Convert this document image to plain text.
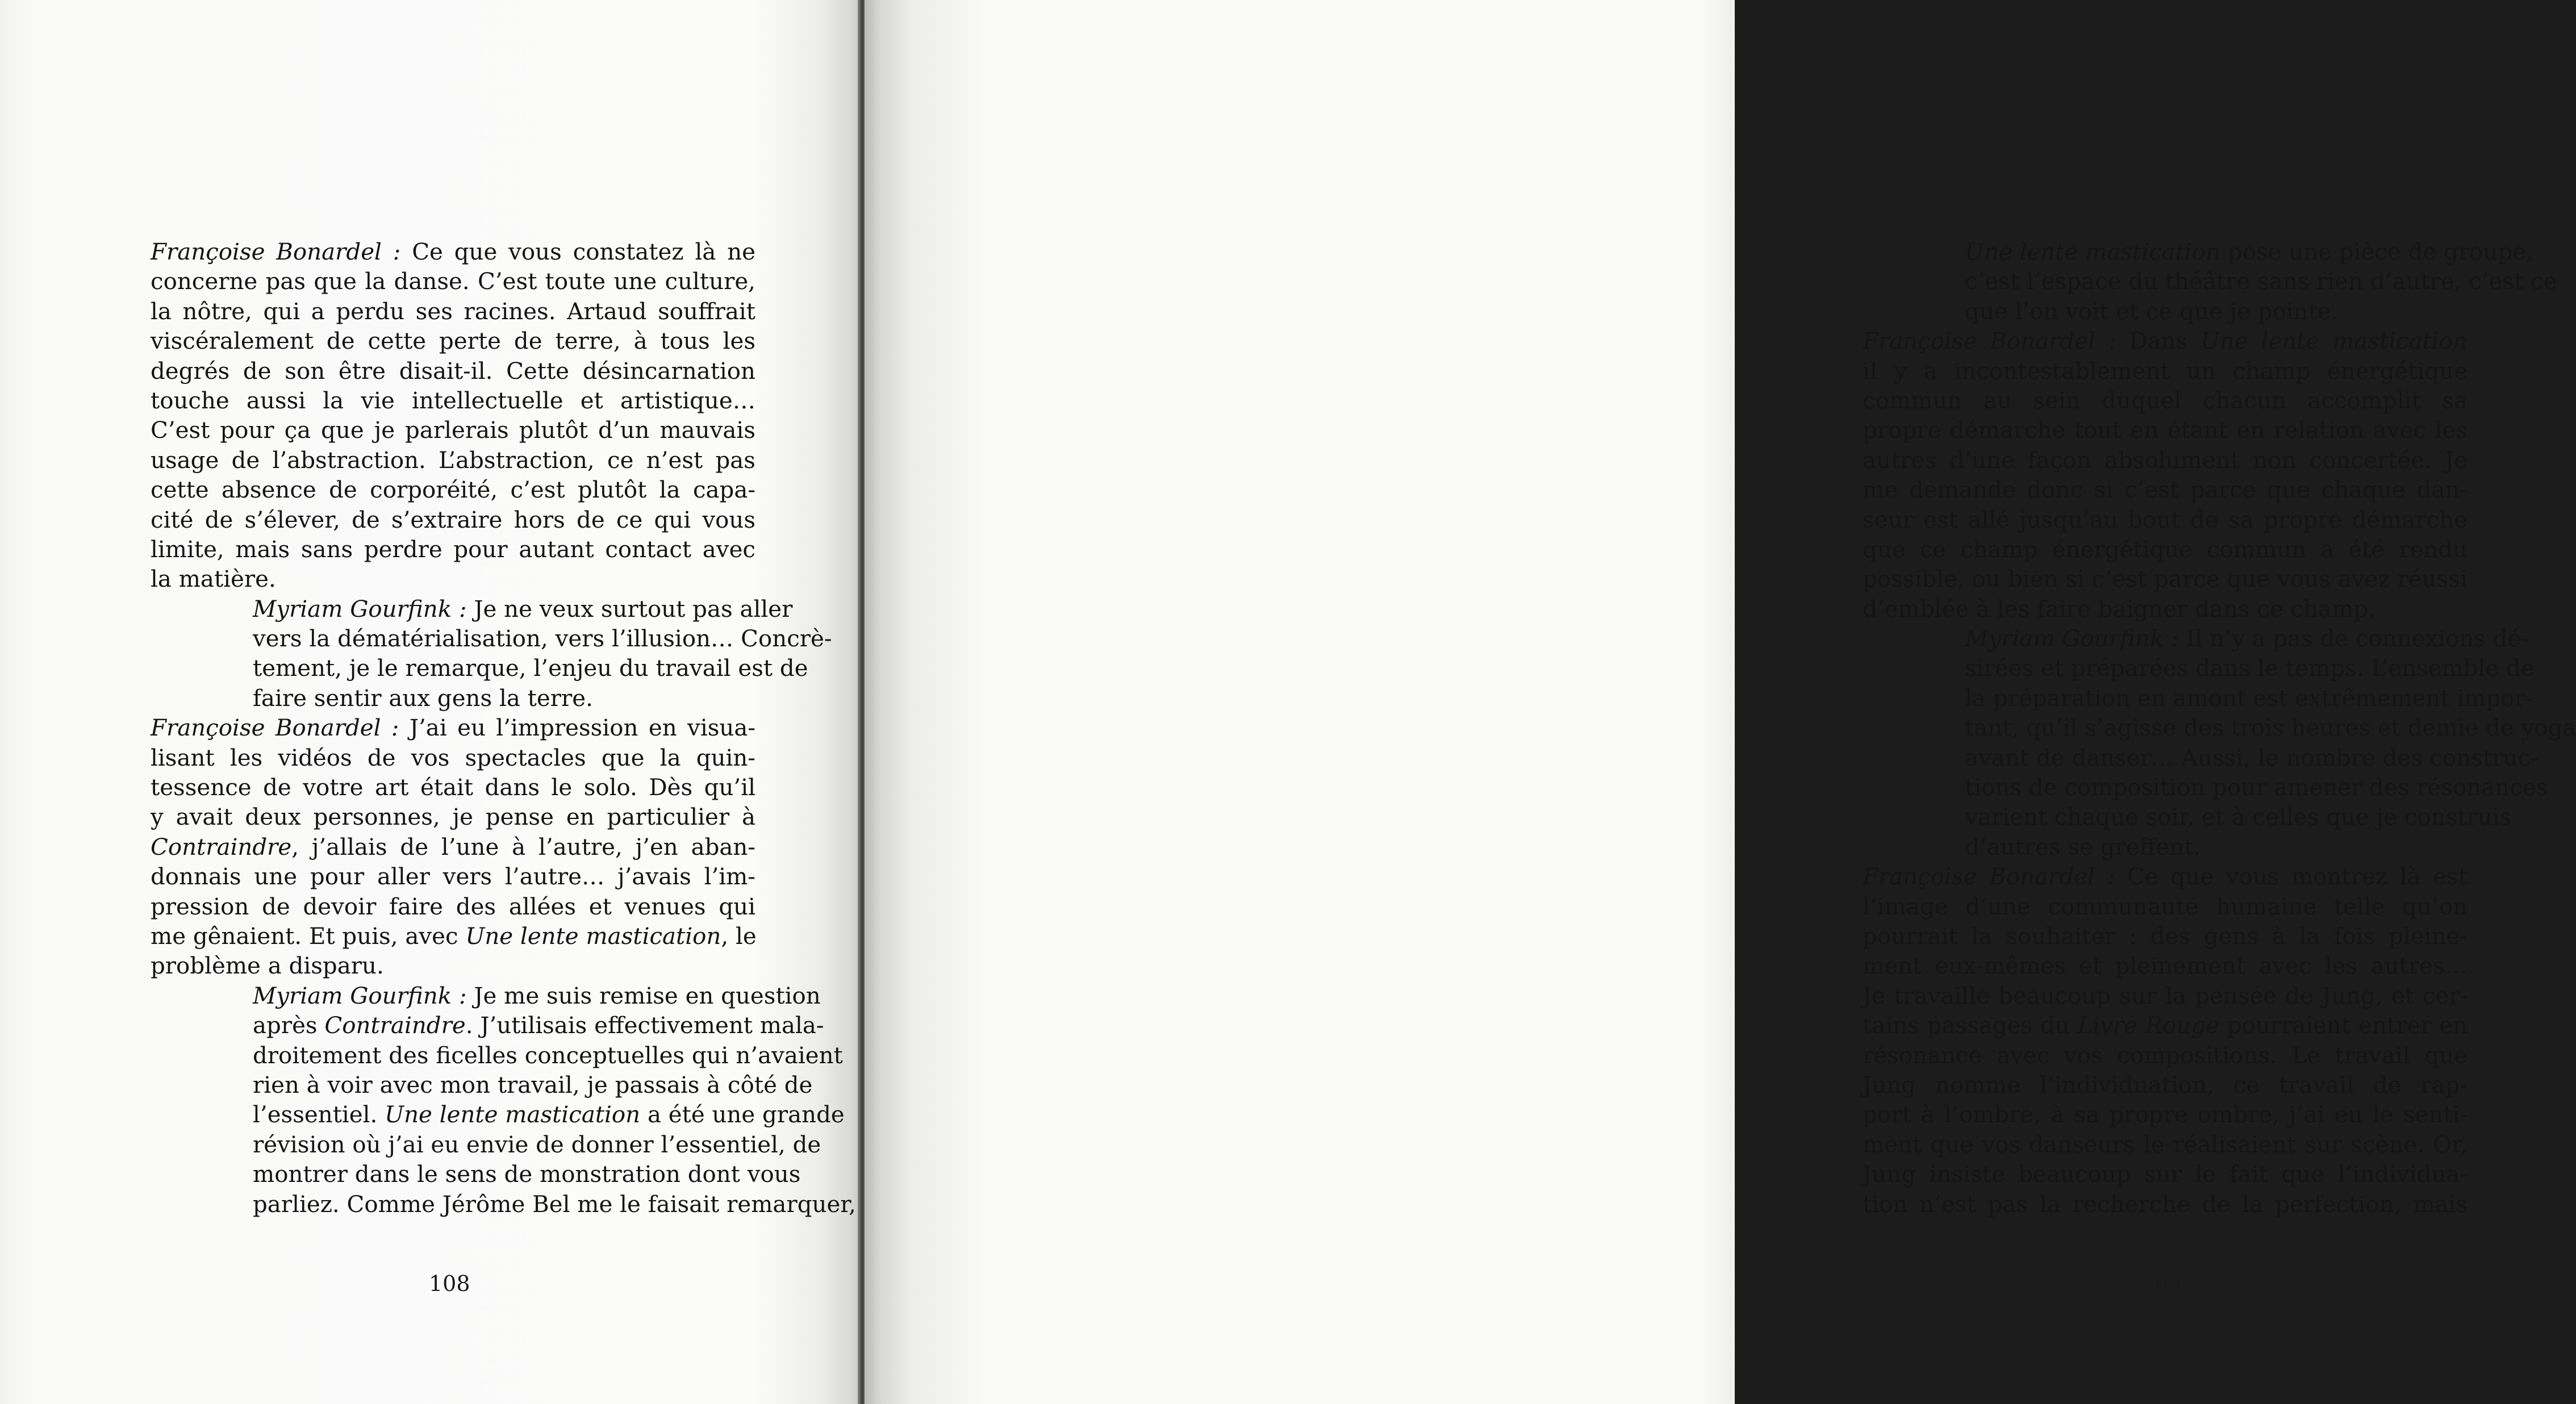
Françoise Bonardel : Ce que vous constatez là ne
concerne pas que la danse. C’est toute une culture,
la nôtre, qui a perdu ses racines. Artaud souffrait
viscéralement de cette perte de terre, à tous les
degrés de son être disait-il. Cette désincarnation
touche aussi la vie intellectuelle et artistique…
C’est pour ça que je parlerais plutôt d’un mauvais
usage de l’abstraction. L’abstraction, ce n’est pas
cette absence de corporéité, c’est plutôt la capa-
cité de s’élever, de s’extraire hors de ce qui vous
limite, mais sans perdre pour autant contact avec
la matière.
Myriam Gourfink : Je ne veux surtout pas aller
vers la dématérialisation, vers l’illusion… Concrè-
tement, je le remarque, l’enjeu du travail est de
faire sentir aux gens la terre.
Françoise Bonardel : J’ai eu l’impression en visua-
lisant les vidéos de vos spectacles que la quin-
tessence de votre art était dans le solo. Dès qu’il
y avait deux personnes, je pense en particulier à
Contraindre, j’allais de l’une à l’autre, j’en aban-
donnais une pour aller vers l’autre… j’avais l’im-
pression de devoir faire des allées et venues qui
me gênaient. Et puis, avec Une lente mastication, le
problème a disparu.
Myriam Gourfink : Je me suis remise en question
après Contraindre. J’utilisais effectivement mala-
droitement des ficelles conceptuelles qui n’avaient
rien à voir avec mon travail, je passais à côté de
l’essentiel. Une lente mastication a été une grande
révision où j’ai eu envie de donner l’essentiel, de
montrer dans le sens de monstration dont vous
parliez. Comme Jérôme Bel me le faisait remarquer,
108
Une lente mastication pose une pièce de groupe,
c’est l’espace du théâtre sans rien d’autre, c’est ce
que l’on voit et ce que je pointe.
Françoise Bonardel : Dans Une lente mastication
il y a incontestablement un champ énergétique
commun au sein duquel chacun accomplit sa
propre démarche tout en étant en relation avec les
autres d’une façon absolument non concertée. Je
me demande donc si c’est parce que chaque dan-
seur est allé jusqu’au bout de sa propre démarche
que ce champ énergétique commun a été rendu
possible, ou bien si c’est parce que vous avez réussi
d’emblée à les faire baigner dans ce champ.
Myriam Gourfink : Il n’y a pas de connexions dé-
sirées et préparées dans le temps. L’ensemble de
la préparation en amont est extrêmement impor-
tant, qu’il s’agisse des trois heures et demie de yoga
avant de danser… Aussi, le nombre des construc-
tions de composition pour amener des résonances
varient chaque soir, et à celles que je construis
d’autres se greffent.
Françoise Bonardel : Ce que vous montrez là est
l’image d’une communauté humaine telle qu’on
pourrait la souhaiter : des gens à la fois pleine-
ment eux-mêmes et pleinement avec les autres…
Je travaille beaucoup sur la pensée de Jung, et cer-
tains passages du Livre Rouge pourraient entrer en
résonance avec vos compositions. Le travail que
Jung nomme l’individuation, ce travail de rap-
port à l’ombre, à sa propre ombre, j’ai eu le senti-
ment que vos danseurs le réalisaient sur scène. Or,
Jung insiste beaucoup sur le fait que l’individua-
tion n’est pas la recherche de la perfection, mais
109
